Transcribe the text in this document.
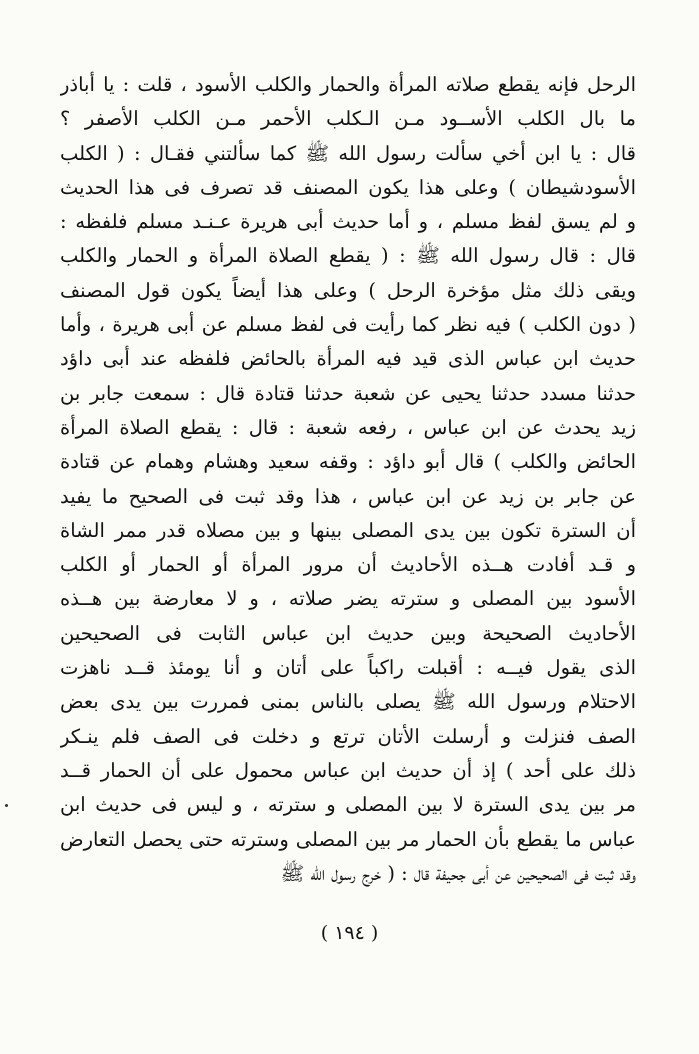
الرحل فإنه يقطع صلاته المرأة والحمار والكلب الأسود ، قلت : يا أباذر
ما بال الكلب الأســود مـن الـكلب الأحمر مـن الكلب الأصفر ؟
قال : يا ابن أخي سألت رسول الله ﷺ كما سألتني فقـال : ( الكلب
الأسودشيطان ) وعلى هذا يكون المصنف قد تصرف فى هذا الحديث
و لم يسق لفظ مسلم ، و أما حديث أبى هريرة عـنـد مسلم فلفظه :
قال : قال رسول الله ﷺ : ( يقطع الصلاة المرأة و الحمار والكلب
ويقى ذلك مثل مؤخرة الرحل ) وعلى هذا أيضاً يكون قول المصنف
( دون الكلب ) فيه نظر كما رأيت فى لفظ مسلم عن أبى هريرة ، وأما
حديث ابن عباس الذى قيد فيه المرأة بالحائض فلفظه عند أبى داؤد
حدثنا مسدد حدثنا يحيى عن شعبة حدثنا قتادة قال : سمعت جابر بن
زيد يحدث عن ابن عباس ، رفعه شعبة : قال : يقطع الصلاة المرأة
الحائض والكلب ) قال أبو داؤد : وقفه سعيد وهشام وهمام عن قتادة
عن جابر بن زيد عن ابن عباس ، هذا وقد ثبت فى الصحيح ما يفيد
أن السترة تكون بين يدى المصلى بينها و بين مصلاه قدر ممر الشاة
و قـد أفادت هــذه الأحاديث أن مرور المرأة أو الحمار أو الكلب
الأسود بين المصلى و سترته يضر صلاته ، و لا معارضة بين هــذه
الأحاديث الصحيحة وبين حديث ابن عباس الثابت فى الصحيحين
الذى يقول فيــه : أقبلت راكباً على أتان و أنا يومئذ قــد ناهزت
الاحتلام ورسول الله ﷺ يصلى بالناس بمنى فمررت بين يدى بعض
الصف فنزلت و أرسلت الأتان ترتع و دخلت فى الصف فلم ينـكر
ذلك على أحد ) إذ أن حديث ابن عباس محمول على أن الحمار قــد
مر بين يدى السترة لا بين المصلى و سترته ، و ليس فى حديث ابن
عباس ما يقطع بأن الحمار مر بين المصلى وسترته حتى يحصل التعارض
وقد ثبت فى الصحيحين عن أبى جحيفة قال : ( خرج رسول الله ﷺ
( ١٩٤ )
